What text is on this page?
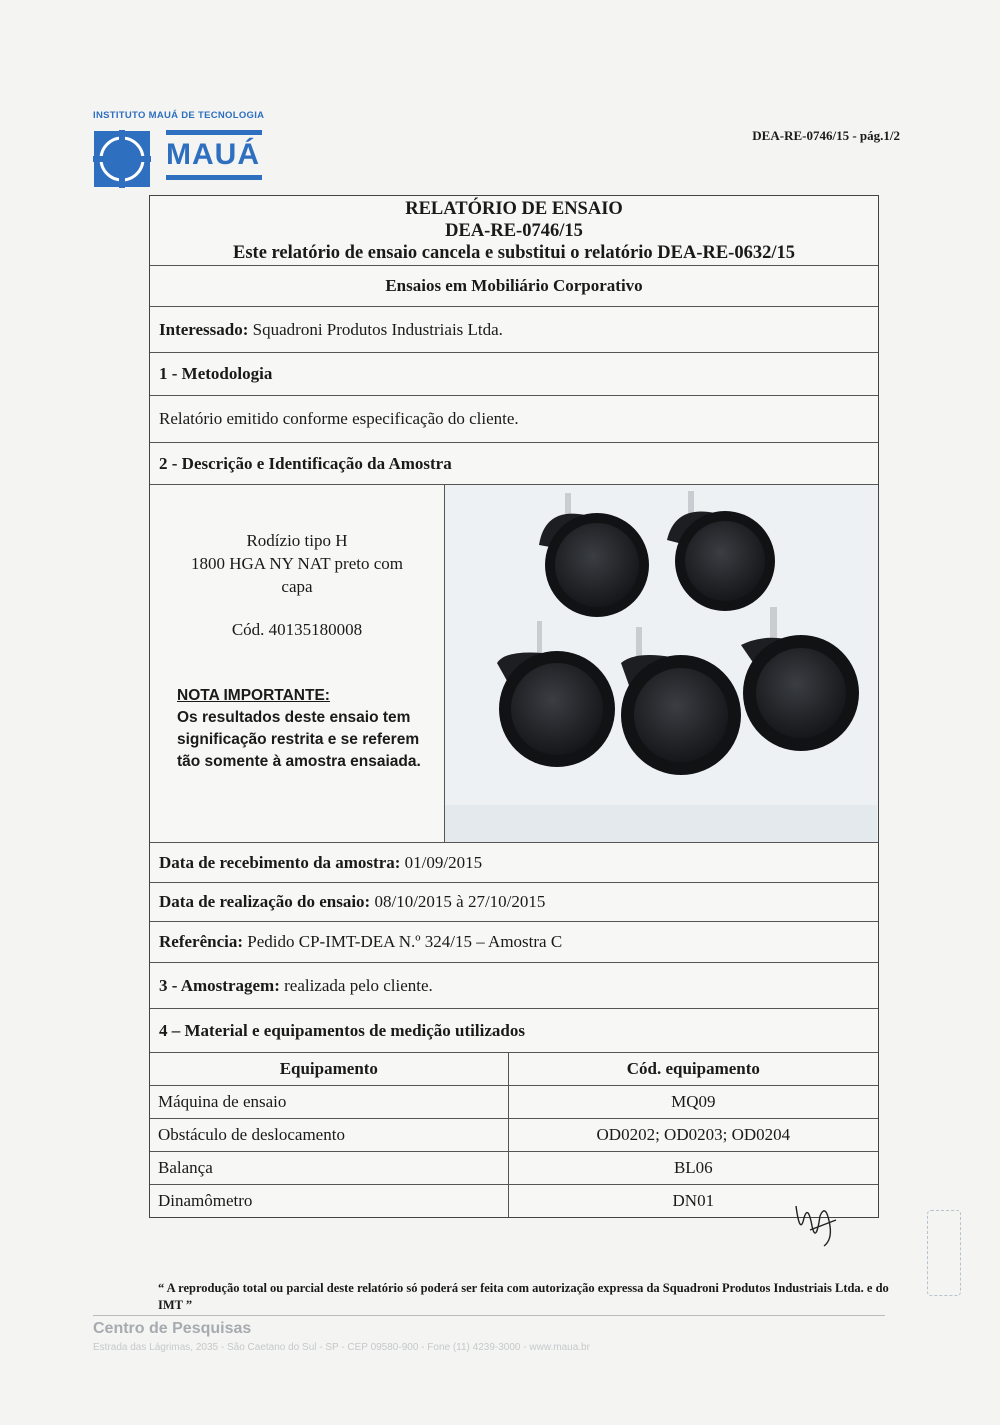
INSTITUTO MAUÁ DE TECNOLOGIA
MAUÁ
DEA-RE-0746/15 - pág.1/2
RELATÓRIO DE ENSAIO
DEA-RE-0746/15
Este relatório de ensaio cancela e substitui o relatório DEA-RE-0632/15
Ensaios em Mobiliário Corporativo
Interessado:
Squadroni Produtos Industriais Ltda.
1 - Metodologia
Relatório emitido conforme especificação do cliente.
2 - Descrição e Identificação da Amostra
Rodízio tipo H
1800 HGA NY NAT preto com
capa
Cód. 40135180008
NOTA IMPORTANTE:
Os resultados deste ensaio tem
significação restrita e se referem
tão somente à amostra ensaiada.
Data de recebimento da amostra:
01/09/2015
Data de realização do ensaio:
08/10/2015 à 27/10/2015
Referência:
Pedido CP-IMT-DEA N.º 324/15 – Amostra C
3 - Amostragem:
realizada pelo cliente.
4 – Material e equipamentos de medição utilizados
Equipamento	Cód. equipamento
Máquina de ensaio	MQ09
Obstáculo de deslocamento	OD0202; OD0203; OD0204
Balança	BL06
Dinamômetro	DN01
“ A reprodução total ou parcial deste relatório só poderá ser feita com autorização expressa da Squadroni Produtos Industriais Ltda. e do IMT ”
Centro de Pesquisas
Estrada das Lágrimas, 2035 - São Caetano do Sul - SP - CEP 09580-900 - Fone (11) 4239-3000 - www.maua.br
